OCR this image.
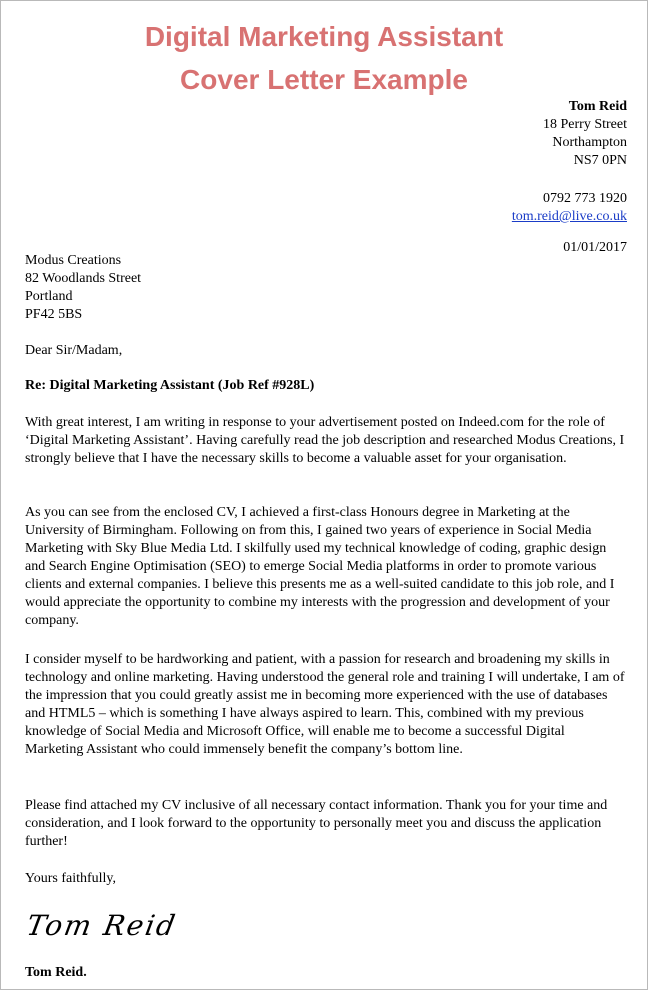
Digital Marketing Assistant
Cover Letter Example
Tom Reid
18 Perry Street
Northampton
NS7 0PN
0792 773 1920
tom.reid@live.co.uk
01/01/2017
Modus Creations
82 Woodlands Street
Portland
PF42 5BS
Dear Sir/Madam,
Re: Digital Marketing Assistant (Job Ref #928L)
With great interest, I am writing in response to your advertisement posted on Indeed.com for the role of ‘Digital Marketing Assistant’. Having carefully read the job description and researched Modus Creations, I strongly believe that I have the necessary skills to become a valuable asset for your organisation.
As you can see from the enclosed CV, I achieved a first-class Honours degree in Marketing at the University of Birmingham. Following on from this, I gained two years of experience in Social Media Marketing with Sky Blue Media Ltd. I skilfully used my technical knowledge of coding, graphic design and Search Engine Optimisation (SEO) to emerge Social Media platforms in order to promote various clients and external companies. I believe this presents me as a well-suited candidate to this job role, and I would appreciate the opportunity to combine my interests with the progression and development of your company.
I consider myself to be hardworking and patient, with a passion for research and broadening my skills in technology and online marketing. Having understood the general role and training I will undertake, I am of the impression that you could greatly assist me in becoming more experienced with the use of databases and HTML5 – which is something I have always aspired to learn. This, combined with my previous knowledge of Social Media and Microsoft Office, will enable me to become a successful Digital Marketing Assistant who could immensely benefit the company’s bottom line.
Please find attached my CV inclusive of all necessary contact information. Thank you for your time and consideration, and I look forward to the opportunity to personally meet you and discuss the application further!
Yours faithfully,
Tom Reid
Tom Reid.
